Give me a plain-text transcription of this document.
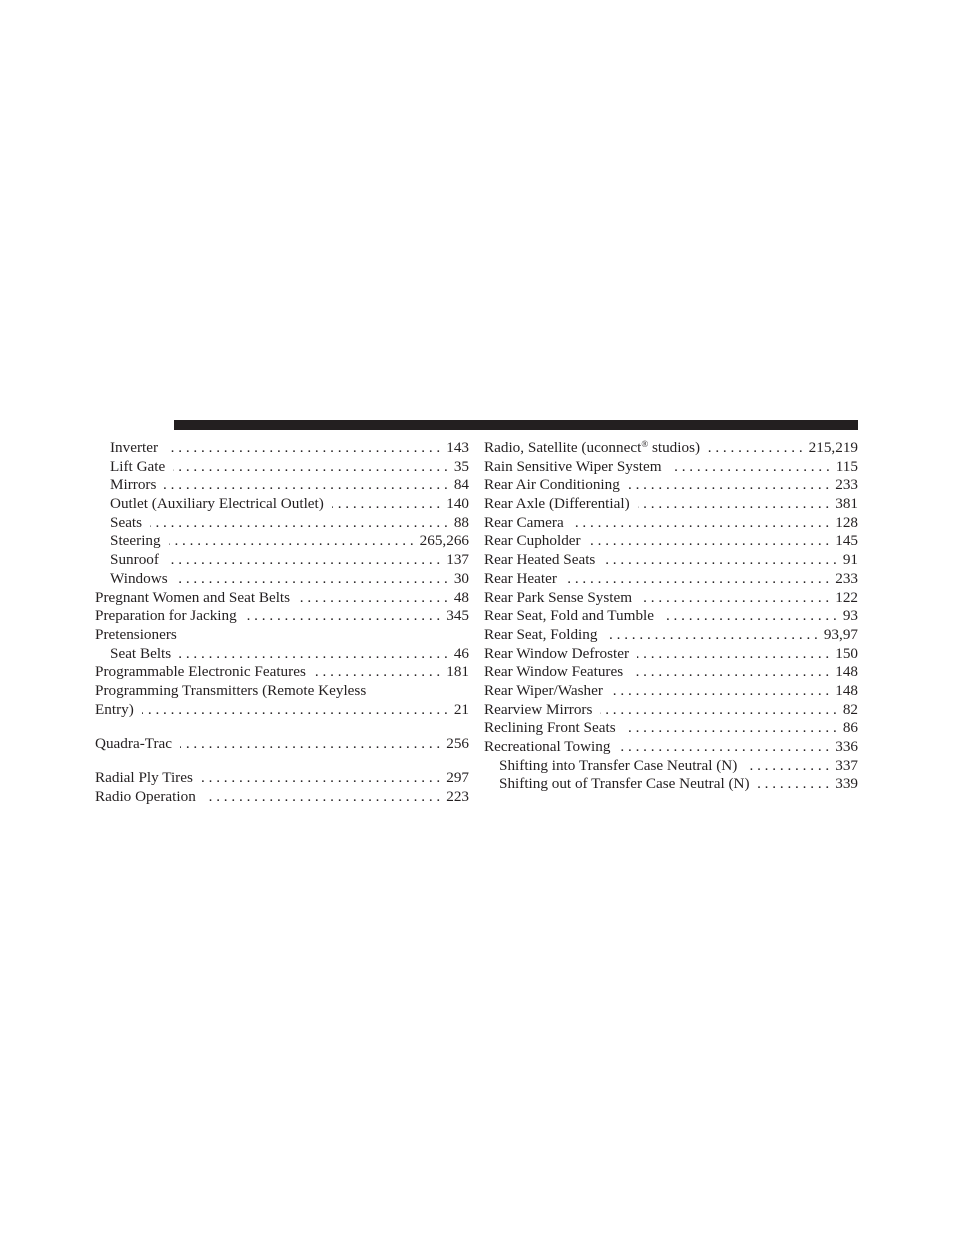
Inverter . . .	143
Lift Gate . . .	35
Mirrors . . .	84
Outlet (Auxiliary Electrical Outlet) . . .	140
Seats . . .	88
Steering . . .	265,266
Sunroof . . .	137
Windows . . .	30
Pregnant Women and Seat Belts . . .	48
Preparation for Jacking . . .	345
Pretensioners
Seat Belts . . .	46
Programmable Electronic Features . . .	181
Programming Transmitters (Remote Keyless
Entry) . . .	21
Quadra-Trac . . .	256
Radial Ply Tires . . .	297
Radio Operation . . .	223
Radio, Satellite (uconnect® studios) . . .	215,219
Rain Sensitive Wiper System . . .	115
Rear Air Conditioning . . .	233
Rear Axle (Differential) . . .	381
Rear Camera . . .	128
Rear Cupholder . . .	145
Rear Heated Seats . . .	91
Rear Heater . . .	233
Rear Park Sense System . . .	122
Rear Seat, Fold and Tumble . . .	93
Rear Seat, Folding . . .	93,97
Rear Window Defroster . . .	150
Rear Window Features . . .	148
Rear Wiper/Washer . . .	148
Rearview Mirrors . . .	82
Reclining Front Seats . . .	86
Recreational Towing . . .	336
Shifting into Transfer Case Neutral (N) . . .	337
Shifting out of Transfer Case Neutral (N) . . .	339
